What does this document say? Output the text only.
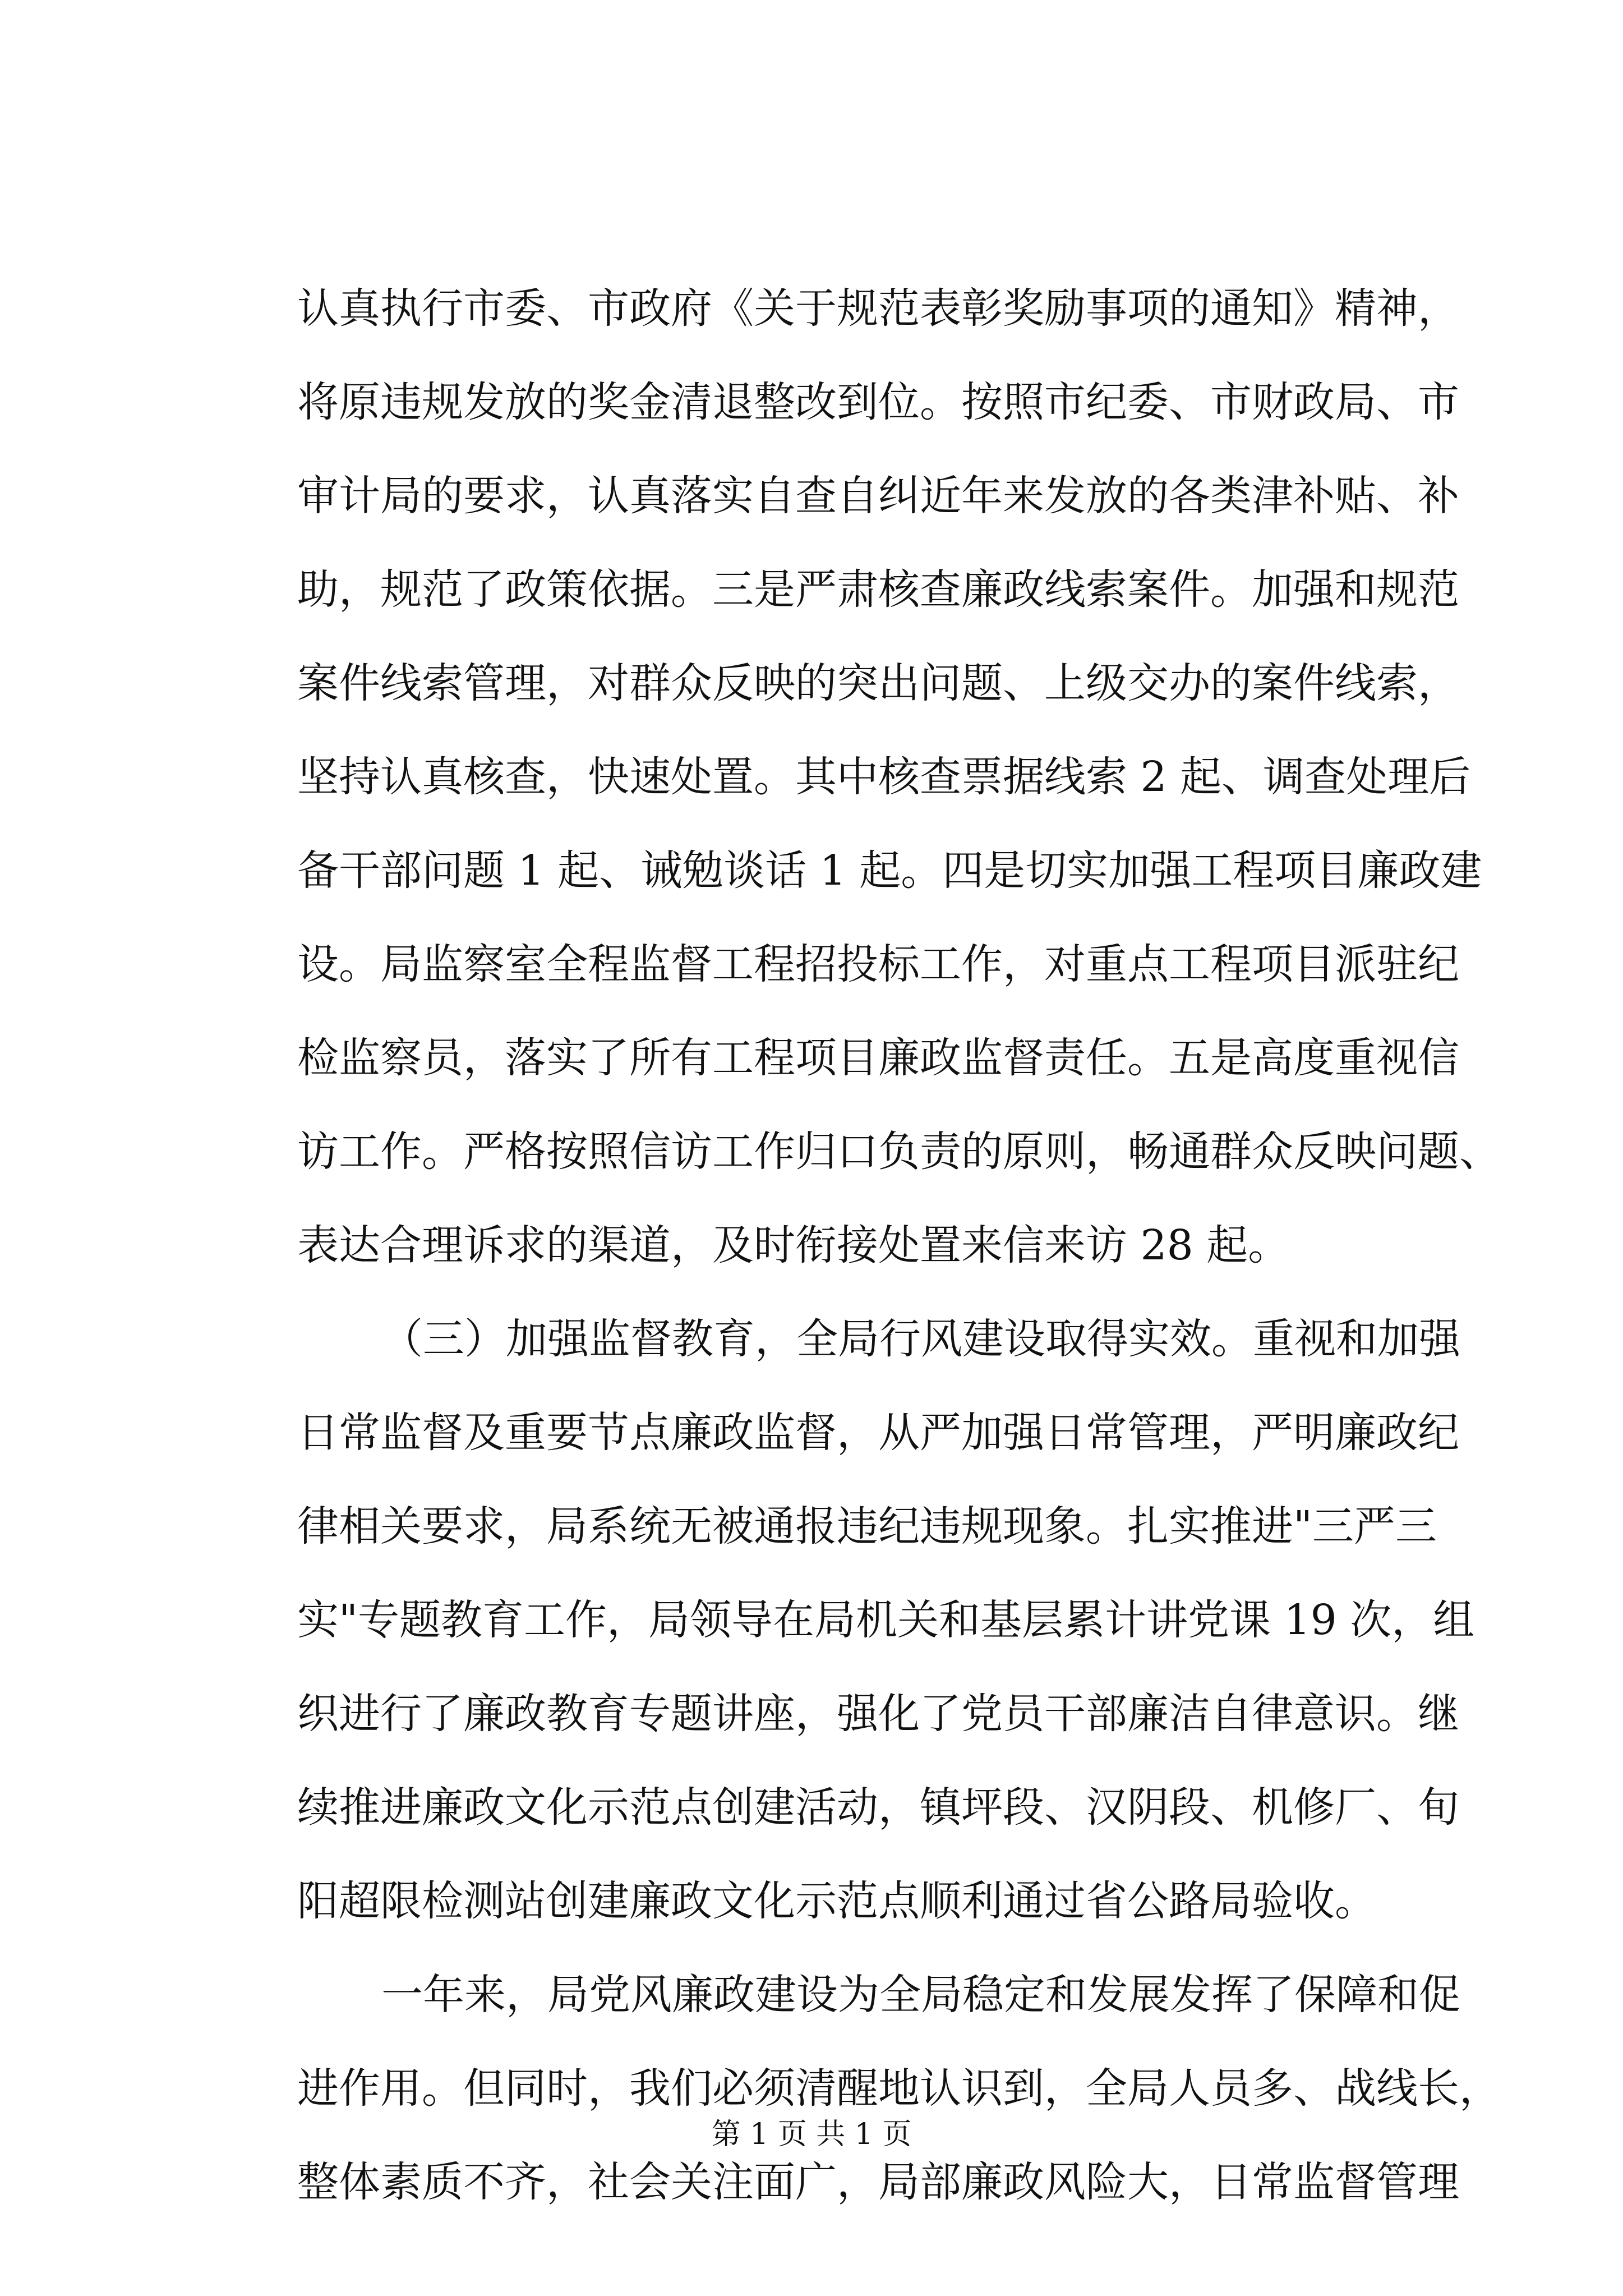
认真执行市委、市政府《关于规范表彰奖励事项的通知》精神，
将原违规发放的奖金清退整改到位。按照市纪委、市财政局、市
审计局的要求，认真落实自查自纠近年来发放的各类津补贴、补
助，规范了政策依据。三是严肃核查廉政线索案件。加强和规范
案件线索管理，对群众反映的突出问题、上级交办的案件线索，
坚持认真核查，快速处置。其中核查票据线索 2 起、调查处理后
备干部问题 1 起、诫勉谈话 1 起。四是切实加强工程项目廉政建
设。局监察室全程监督工程招投标工作，对重点工程项目派驻纪
检监察员，落实了所有工程项目廉政监督责任。五是高度重视信
访工作。严格按照信访工作归口负责的原则，畅通群众反映问题、
表达合理诉求的渠道，及时衔接处置来信来访 28 起。
（三）加强监督教育，全局行风建设取得实效。重视和加强
日常监督及重要节点廉政监督，从严加强日常管理，严明廉政纪
律相关要求，局系统无被通报违纪违规现象。扎实推进"三严三
实"专题教育工作，局领导在局机关和基层累计讲党课 19 次，组
织进行了廉政教育专题讲座，强化了党员干部廉洁自律意识。继
续推进廉政文化示范点创建活动，镇坪段、汉阴段、机修厂、旬
阳超限检测站创建廉政文化示范点顺利通过省公路局验收。
一年来，局党风廉政建设为全局稳定和发展发挥了保障和促
进作用。但同时，我们必须清醒地认识到，全局人员多、战线长，
整体素质不齐，社会关注面广，局部廉政风险大，日常监督管理
第 1 页 共 1 页
